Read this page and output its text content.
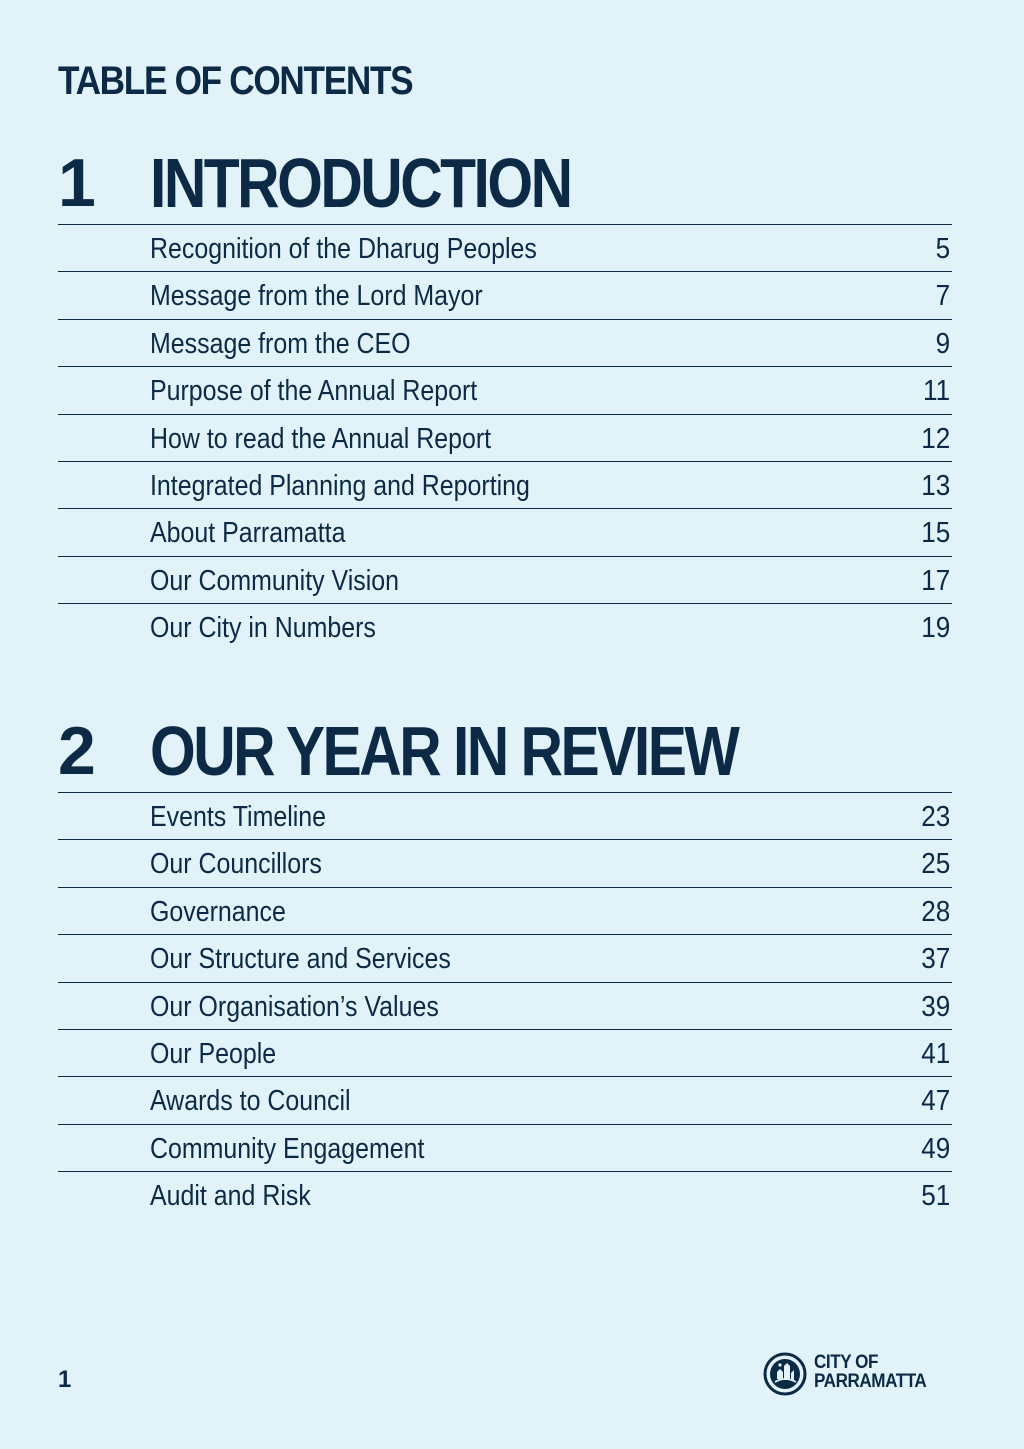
TABLE OF CONTENTS
1 INTRODUCTION
Recognition of the Dharug Peoples	5
Message from the Lord Mayor	7
Message from the CEO	9
Purpose of the Annual Report	11
How to read the Annual Report	12
Integrated Planning and Reporting	13
About Parramatta	15
Our Community Vision	17
Our City in Numbers	19
2 OUR YEAR IN REVIEW
Events Timeline	23
Our Councillors	25
Governance	28
Our Structure and Services	37
Our Organisation’s Values	39
Our People	41
Awards to Council	47
Community Engagement	49
Audit and Risk	51
1
CITY OF
PARRAMATTA
